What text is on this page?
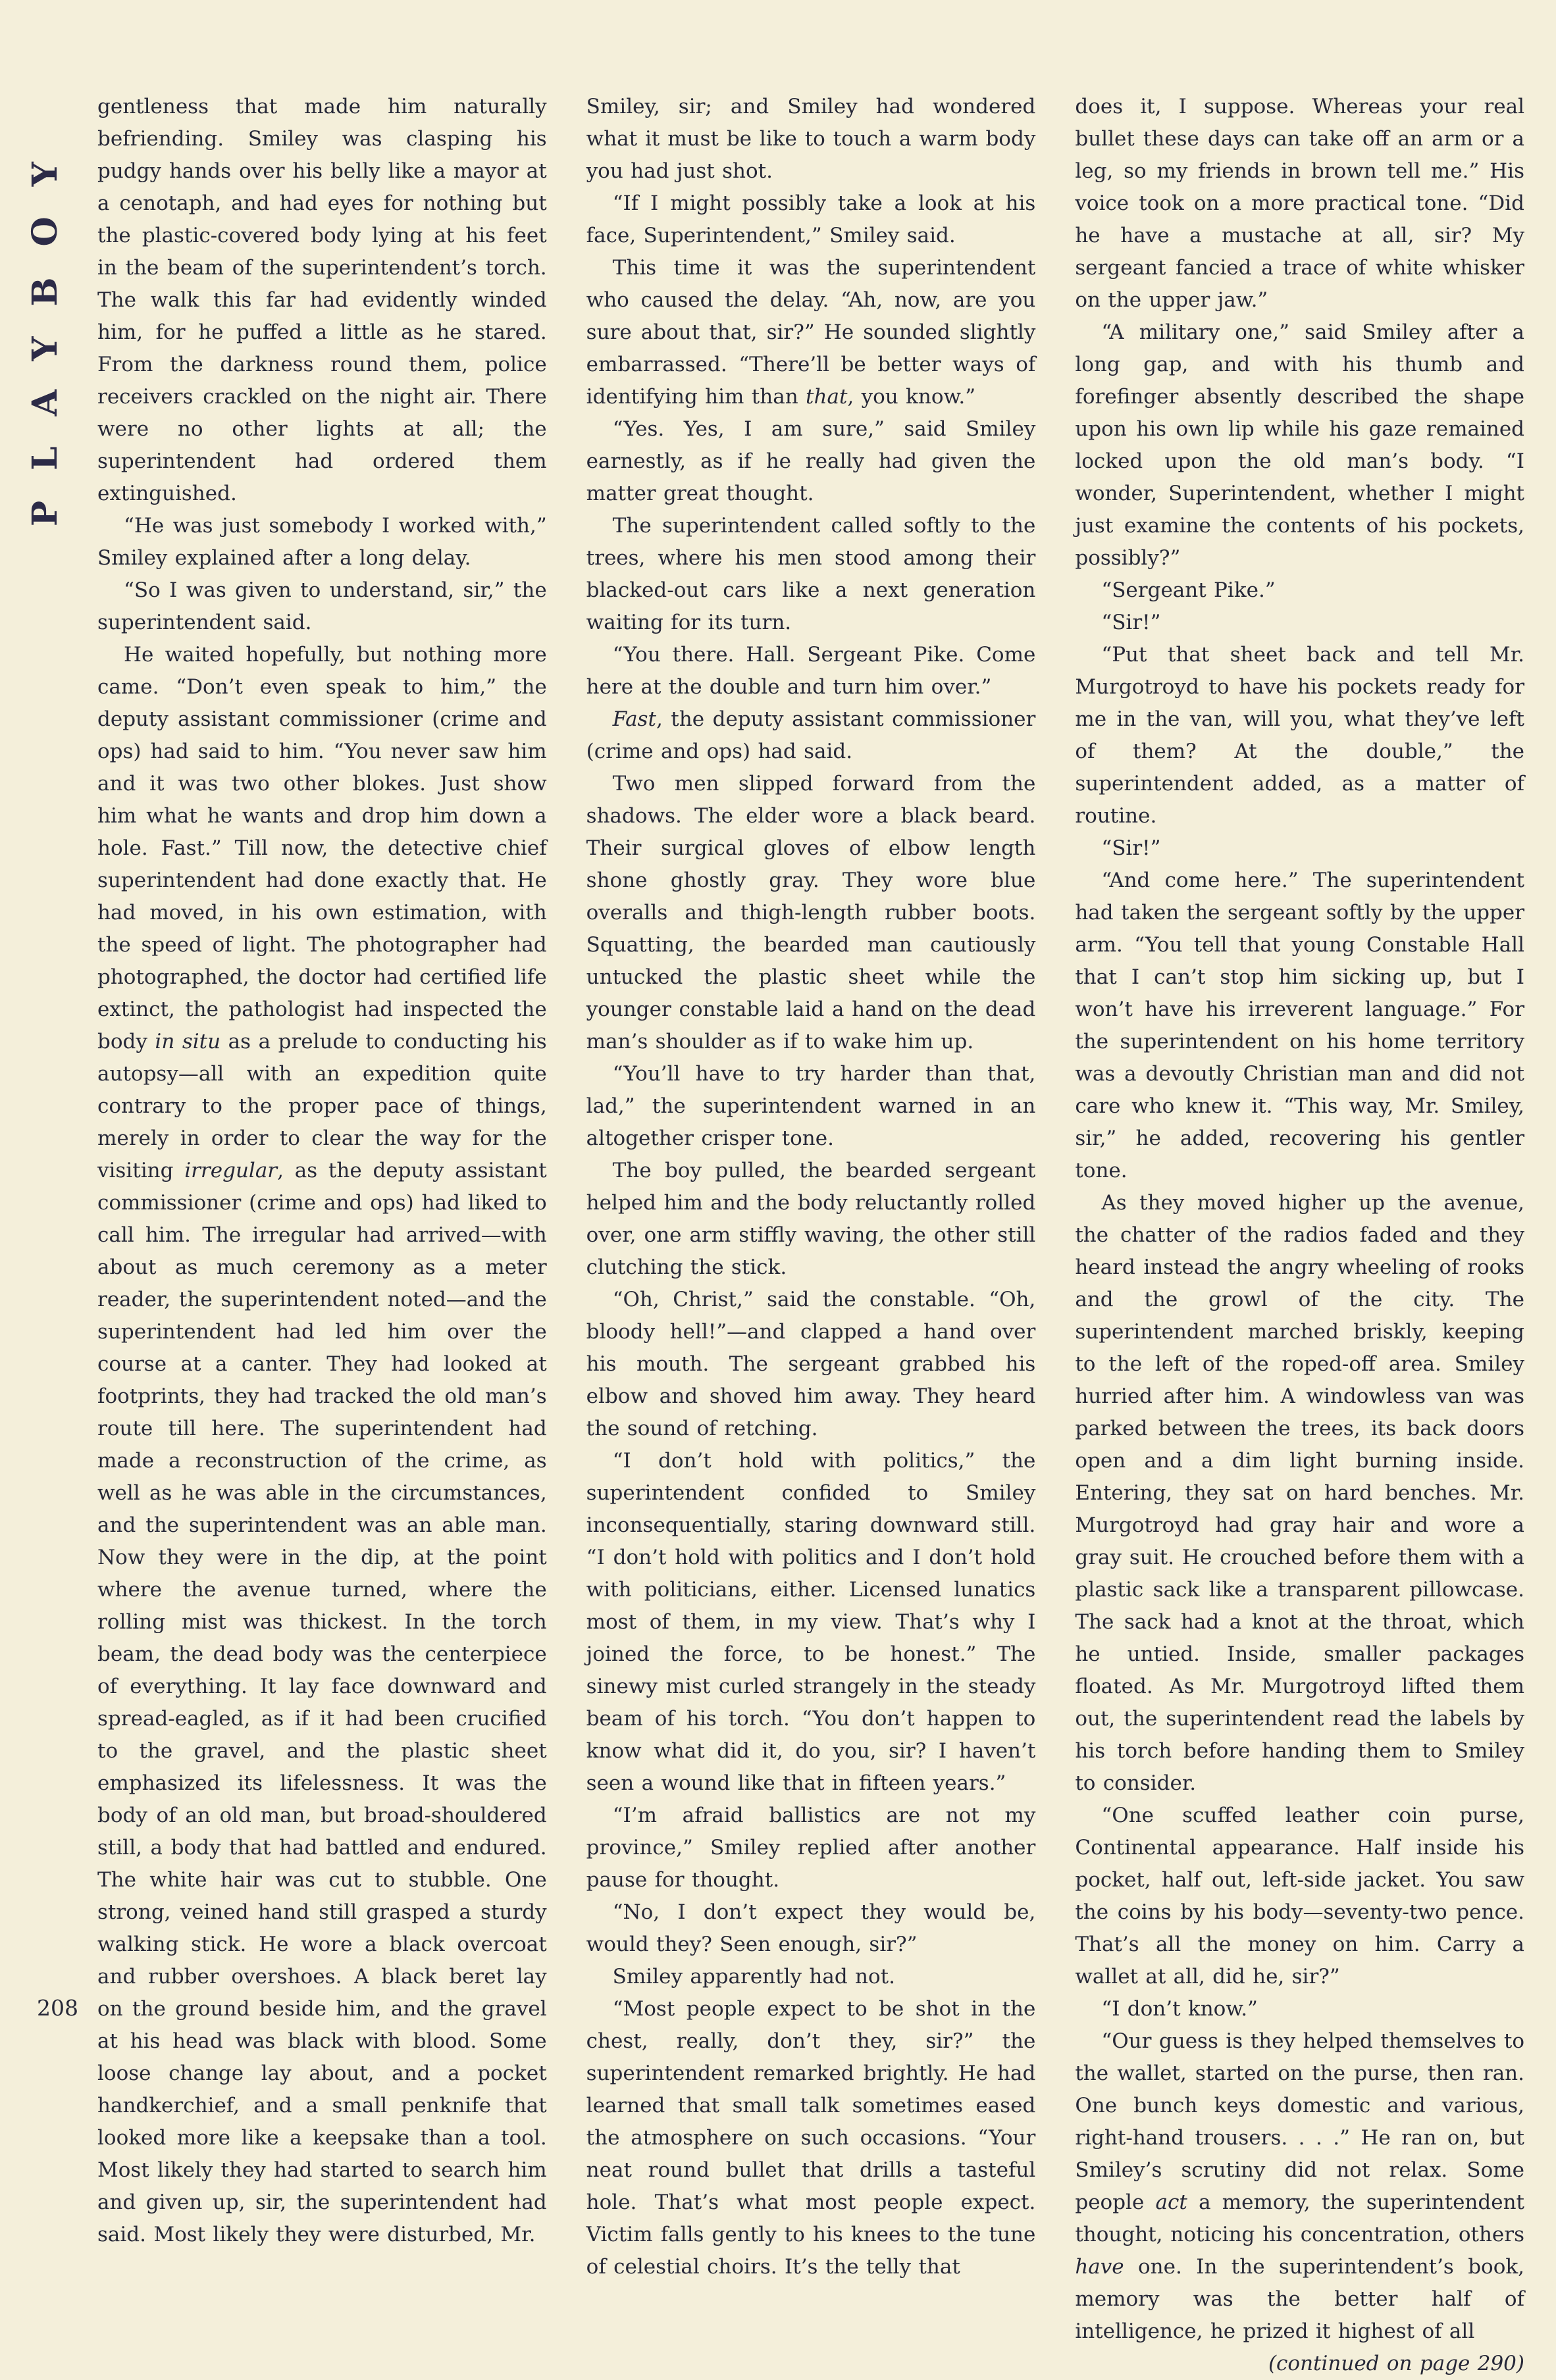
PLAYBOY

gentleness that made him naturally befriending. Smiley was clasping his pudgy hands over his belly like a mayor at a cenotaph, and had eyes for nothing but the plastic-covered body lying at his feet in the beam of the superintendent’s torch. The walk this far had evidently winded him, for he puffed a little as he stared. From the darkness round them, police receivers crackled on the night air. There were no other lights at all; the superintendent had ordered them extinguished.

“He was just somebody I worked with,” Smiley explained after a long delay.

“So I was given to understand, sir,” the superintendent said.

He waited hopefully, but nothing more came. “Don’t even speak to him,” the deputy assistant commissioner (crime and ops) had said to him. “You never saw him and it was two other blokes. Just show him what he wants and drop him down a hole. Fast.” Till now, the detective chief superintendent had done exactly that. He had moved, in his own estimation, with the speed of light. The photographer had photographed, the doctor had certified life extinct, the pathologist had inspected the body in situ as a prelude to conducting his autopsy—all with an expedition quite contrary to the proper pace of things, merely in order to clear the way for the visiting irregular, as the deputy assistant commissioner (crime and ops) had liked to call him. The irregular had arrived—with about as much ceremony as a meter reader, the superintendent noted—and the superintendent had led him over the course at a canter. They had looked at footprints, they had tracked the old man’s route till here. The superintendent had made a reconstruction of the crime, as well as he was able in the circumstances, and the superintendent was an able man. Now they were in the dip, at the point where the avenue turned, where the rolling mist was thickest. In the torch beam, the dead body was the centerpiece of everything. It lay face downward and spread-eagled, as if it had been crucified to the gravel, and the plastic sheet emphasized its lifelessness. It was the body of an old man, but broad-shouldered still, a body that had battled and endured. The white hair was cut to stubble. One strong, veined hand still grasped a sturdy walking stick. He wore a black overcoat and rubber overshoes. A black beret lay on the ground beside him, and the gravel at his head was black with blood. Some loose change lay about, and a pocket handkerchief, and a small penknife that looked more like a keepsake than a tool. Most likely they had started to search him and given up, sir, the superintendent had said. Most likely they were disturbed, Mr.

Smiley, sir; and Smiley had wondered what it must be like to touch a warm body you had just shot.

“If I might possibly take a look at his face, Superintendent,” Smiley said.

This time it was the superintendent who caused the delay. “Ah, now, are you sure about that, sir?” He sounded slightly embarrassed. “There’ll be better ways of identifying him than that, you know.”

“Yes. Yes, I am sure,” said Smiley earnestly, as if he really had given the matter great thought.

The superintendent called softly to the trees, where his men stood among their blacked-out cars like a next generation waiting for its turn.

“You there. Hall. Sergeant Pike. Come here at the double and turn him over.”

Fast, the deputy assistant commissioner (crime and ops) had said.

Two men slipped forward from the shadows. The elder wore a black beard. Their surgical gloves of elbow length shone ghostly gray. They wore blue overalls and thigh-length rubber boots. Squatting, the bearded man cautiously untucked the plastic sheet while the younger constable laid a hand on the dead man’s shoulder as if to wake him up.

“You’ll have to try harder than that, lad,” the superintendent warned in an altogether crisper tone.

The boy pulled, the bearded sergeant helped him and the body reluctantly rolled over, one arm stiffly waving, the other still clutching the stick.

“Oh, Christ,” said the constable. “Oh, bloody hell!”—and clapped a hand over his mouth. The sergeant grabbed his elbow and shoved him away. They heard the sound of retching.

“I don’t hold with politics,” the superintendent confided to Smiley inconsequentially, staring downward still. “I don’t hold with politics and I don’t hold with politicians, either. Licensed lunatics most of them, in my view. That’s why I joined the force, to be honest.” The sinewy mist curled strangely in the steady beam of his torch. “You don’t happen to know what did it, do you, sir? I haven’t seen a wound like that in fifteen years.”

“I’m afraid ballistics are not my province,” Smiley replied after another pause for thought.

“No, I don’t expect they would be, would they? Seen enough, sir?”

Smiley apparently had not.

“Most people expect to be shot in the chest, really, don’t they, sir?” the superintendent remarked brightly. He had learned that small talk sometimes eased the atmosphere on such occasions. “Your neat round bullet that drills a tasteful hole. That’s what most people expect. Victim falls gently to his knees to the tune of celestial choirs. It’s the telly that

does it, I suppose. Whereas your real bullet these days can take off an arm or a leg, so my friends in brown tell me.” His voice took on a more practical tone. “Did he have a mustache at all, sir? My sergeant fancied a trace of white whisker on the upper jaw.”

“A military one,” said Smiley after a long gap, and with his thumb and forefinger absently described the shape upon his own lip while his gaze remained locked upon the old man’s body. “I wonder, Superintendent, whether I might just examine the contents of his pockets, possibly?”

“Sergeant Pike.”

“Sir!”

“Put that sheet back and tell Mr. Murgotroyd to have his pockets ready for me in the van, will you, what they’ve left of them? At the double,” the superintendent added, as a matter of routine.

“Sir!”

“And come here.” The superintendent had taken the sergeant softly by the upper arm. “You tell that young Constable Hall that I can’t stop him sicking up, but I won’t have his irreverent language.” For the superintendent on his home territory was a devoutly Christian man and did not care who knew it. “This way, Mr. Smiley, sir,” he added, recovering his gentler tone.

As they moved higher up the avenue, the chatter of the radios faded and they heard instead the angry wheeling of rooks and the growl of the city. The superintendent marched briskly, keeping to the left of the roped-off area. Smiley hurried after him. A windowless van was parked between the trees, its back doors open and a dim light burning inside. Entering, they sat on hard benches. Mr. Murgotroyd had gray hair and wore a gray suit. He crouched before them with a plastic sack like a transparent pillowcase. The sack had a knot at the throat, which he untied. Inside, smaller packages floated. As Mr. Murgotroyd lifted them out, the superintendent read the labels by his torch before handing them to Smiley to consider.

“One scuffed leather coin purse, Continental appearance. Half inside his pocket, half out, left-side jacket. You saw the coins by his body—seventy-two pence. That’s all the money on him. Carry a wallet at all, did he, sir?”

“I don’t know.”

“Our guess is they helped themselves to the wallet, started on the purse, then ran. One bunch keys domestic and various, right-hand trousers. . . .” He ran on, but Smiley’s scrutiny did not relax. Some people act a memory, the superintendent thought, noticing his concentration, others have one. In the superintendent’s book, memory was the better half of intelligence, he prized it highest of all

(continued on page 290)

208
